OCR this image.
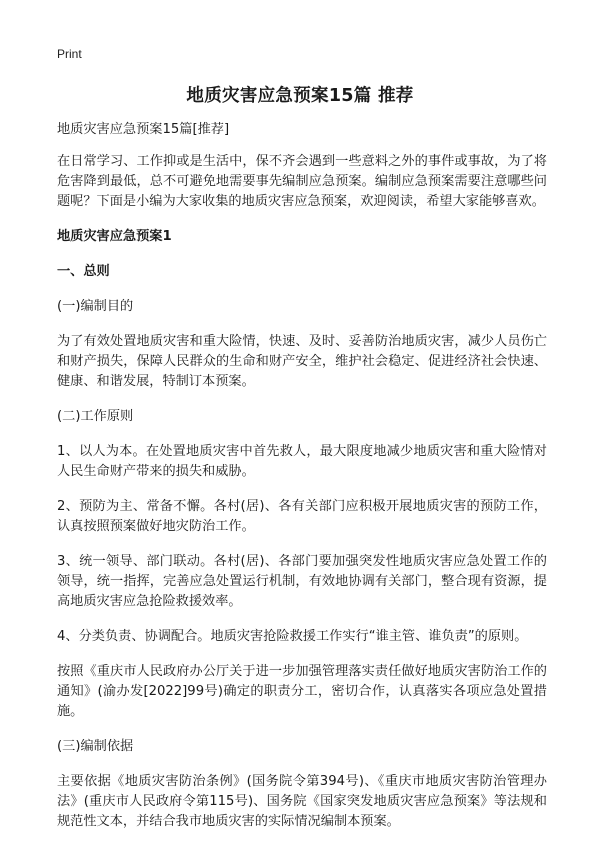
Print
地质灾害应急预案15篇 推荐

地质灾害应急预案15篇[推荐]

在日常学习、工作抑或是生活中，保不齐会遇到一些意料之外的事件或事故，为了将危害降到最低，总不可避免地需要事先编制应急预案。编制应急预案需要注意哪些问题呢？下面是小编为大家收集的地质灾害应急预案，欢迎阅读，希望大家能够喜欢。

地质灾害应急预案1

一、总则

(一)编制目的

为了有效处置地质灾害和重大险情，快速、及时、妥善防治地质灾害，减少人员伤亡和财产损失，保障人民群众的生命和财产安全，维护社会稳定、促进经济社会快速、健康、和谐发展，特制订本预案。

(二)工作原则

1、以人为本。在处置地质灾害中首先救人，最大限度地减少地质灾害和重大险情对人民生命财产带来的损失和威胁。

2、预防为主、常备不懈。各村(居)、各有关部门应积极开展地质灾害的预防工作，认真按照预案做好地灾防治工作。

3、统一领导、部门联动。各村(居)、各部门要加强突发性地质灾害应急处置工作的领导，统一指挥，完善应急处置运行机制，有效地协调有关部门，整合现有资源，提高地质灾害应急抢险救援效率。

4、分类负责、协调配合。地质灾害抢险救援工作实行“谁主管、谁负责”的原则。

按照《重庆市人民政府办公厅关于进一步加强管理落实责任做好地质灾害防治工作的通知》(渝办发[2022]99号)确定的职责分工，密切合作，认真落实各项应急处置措施。

(三)编制依据

主要依据《地质灾害防治条例》(国务院令第394号)、《重庆市地质灾害防治管理办法》(重庆市人民政府令第115号)、国务院《国家突发地质灾害应急预案》等法规和规范性文本，并结合我市地质灾害的实际情况编制本预案。
